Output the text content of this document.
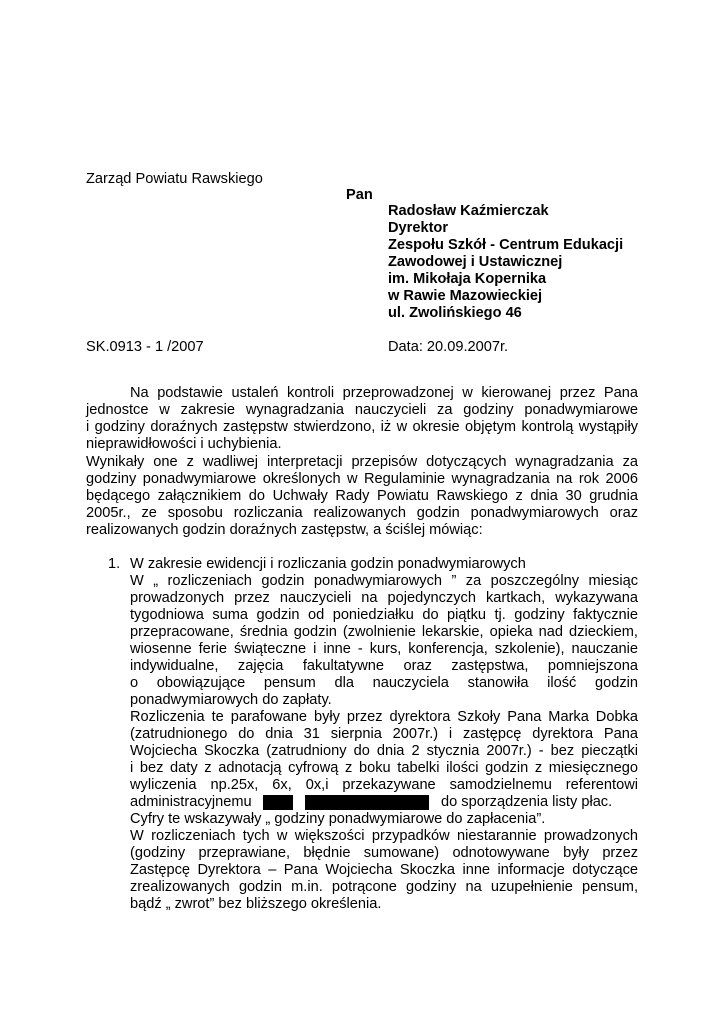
Zarząd Powiatu Rawskiego
Pan
Radosław Kaźmierczak
Dyrektor
Zespołu Szkół - Centrum Edukacji
Zawodowej i Ustawicznej
im. Mikołaja Kopernika
w Rawie Mazowieckiej
ul. Zwolińskiego 46
SK.0913 - 1 /2007	Data: 20.09.2007r.
Na podstawie ustaleń kontroli przeprowadzonej w kierowanej przez Pana
jednostce w zakresie wynagradzania nauczycieli za godziny ponadwymiarowe
i godziny doraźnych zastępstw stwierdzono, iż w okresie objętym kontrolą wystąpiły
nieprawidłowości i uchybienia.
Wynikały one z wadliwej interpretacji przepisów dotyczących wynagradzania za
godziny ponadwymiarowe określonych w Regulaminie wynagradzania na rok 2006
będącego załącznikiem do Uchwały Rady Powiatu Rawskiego z dnia 30 grudnia
2005r., ze sposobu rozliczania realizowanych godzin ponadwymiarowych oraz
realizowanych godzin doraźnych zastępstw, a ściślej mówiąc:
1. W zakresie ewidencji i rozliczania godzin ponadwymiarowych
W „ rozliczeniach godzin ponadwymiarowych ” za poszczególny miesiąc
prowadzonych przez nauczycieli na pojedynczych kartkach, wykazywana
tygodniowa suma godzin od poniedziałku do piątku tj. godziny faktycznie
przepracowane, średnia godzin (zwolnienie lekarskie, opieka nad dzieckiem,
wiosenne ferie świąteczne i inne - kurs, konferencja, szkolenie), nauczanie
indywidualne, zajęcia fakultatywne oraz zastępstwa, pomniejszona
o obowiązujące pensum dla nauczyciela stanowiła ilość godzin
ponadwymiarowych do zapłaty.
Rozliczenia te parafowane były przez dyrektora Szkoły Pana Marka Dobka
(zatrudnionego do dnia 31 sierpnia 2007r.) i zastępcę dyrektora Pana
Wojciecha Skoczka (zatrudniony do dnia 2 stycznia 2007r.) - bez pieczątki
i bez daty z adnotacją cyfrową z boku tabelki ilości godzin z miesięcznego
wyliczenia np.25x, 6x, 0x,i przekazywane samodzielnemu referentowi
administracyjnemu	do sporządzenia listy płac.
Cyfry te wskazywały „ godziny ponadwymiarowe do zapłacenia”.
W rozliczeniach tych w większości przypadków niestarannie prowadzonych
(godziny przepraw​iane, błędnie sumowane) odnotowywane były przez
Zastępcę Dyrektora – Pana Wojciecha Skoczka inne informacje dotyczące
zrealizowanych godzin m.in. potrącone godziny na uzupełnienie pensum,
bądź „ zwrot” bez bliższego określenia.
